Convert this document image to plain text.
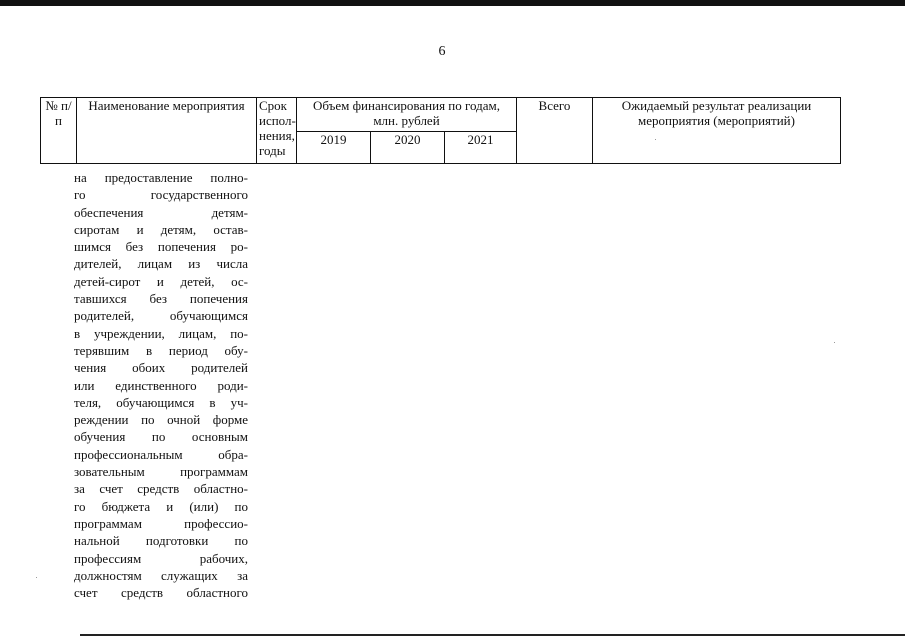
6
№ п/п	Наименование мероприятия	Срок испол-нения, годы	Объем финансирования по годам, млн. рублей			Всего	Ожидаемый результат реализации мероприятия (мероприятий)
			2019	2020	2021		
на предоставление полно-
го государственного
обеспечения детям-
сиротам и детям, остав-
шимся без попечения ро-
дителей, лицам из числа
детей-сирот и детей, ос-
тавшихся без попечения
родителей, обучающимся
в учреждении, лицам, по-
терявшим в период обу-
чения обоих родителей
или единственного роди-
теля, обучающимся в уч-
реждении по очной форме
обучения по основным
профессиональным обра-
зовательным программам
за счет средств областно-
го бюджета и (или) по
программам профессио-
нальной подготовки по
профессиям рабочих,
должностям служащих за
счет средств областного
